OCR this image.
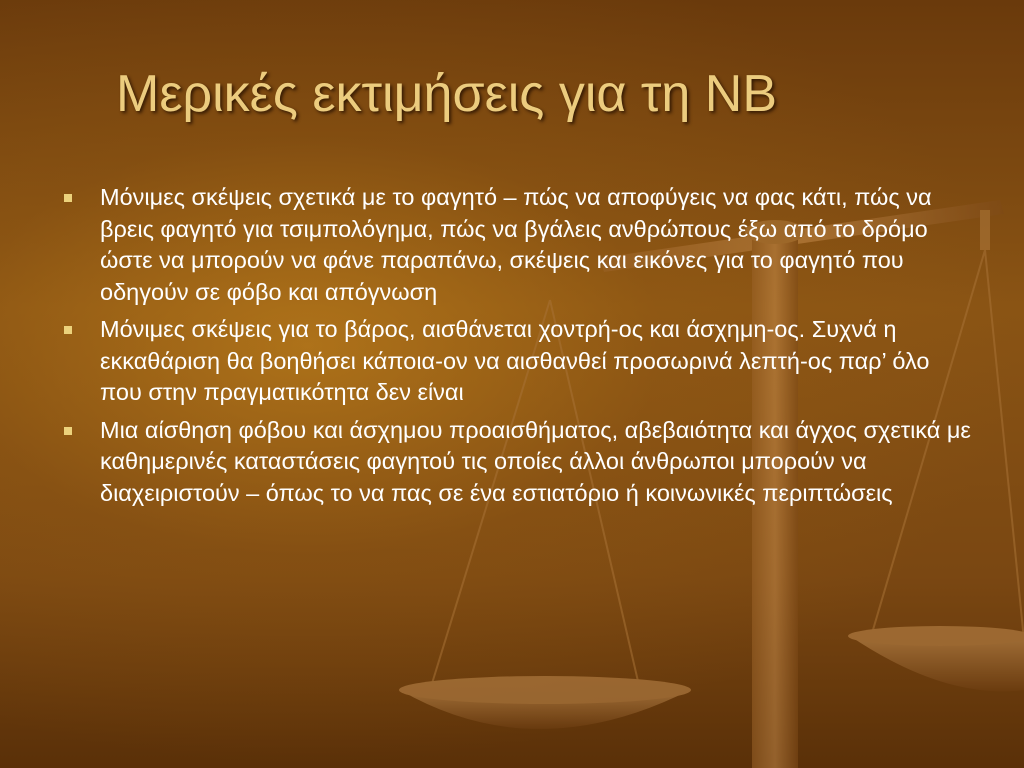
Μερικές εκτιμήσεις για τη ΝΒ
Μόνιμες σκέψεις σχετικά με το φαγητό – πώς να αποφύγεις να φας κάτι, πώς να βρεις φαγητό για τσιμπολόγημα, πώς να βγάλεις ανθρώπους έξω από το δρόμο ώστε να μπορούν να φάνε παραπάνω, σκέψεις και εικόνες για το φαγητό που οδηγούν σε φόβο και απόγνωση
Μόνιμες σκέψεις για το βάρος, αισθάνεται χοντρή-ος και άσχημη-ος. Συχνά η εκκαθάριση θα βοηθήσει κάποια-ον να αισθανθεί προσωρινά λεπτή-ος παρ’ όλο που στην πραγματικότητα δεν είναι
Μια αίσθηση φόβου και άσχημου προαισθήματος, αβεβαιότητα και άγχος σχετικά με καθημερινές καταστάσεις φαγητού τις οποίες άλλοι άνθρωποι μπορούν να διαχειριστούν – όπως το να πας σε ένα εστιατόριο ή κοινωνικές περιπτώσεις
